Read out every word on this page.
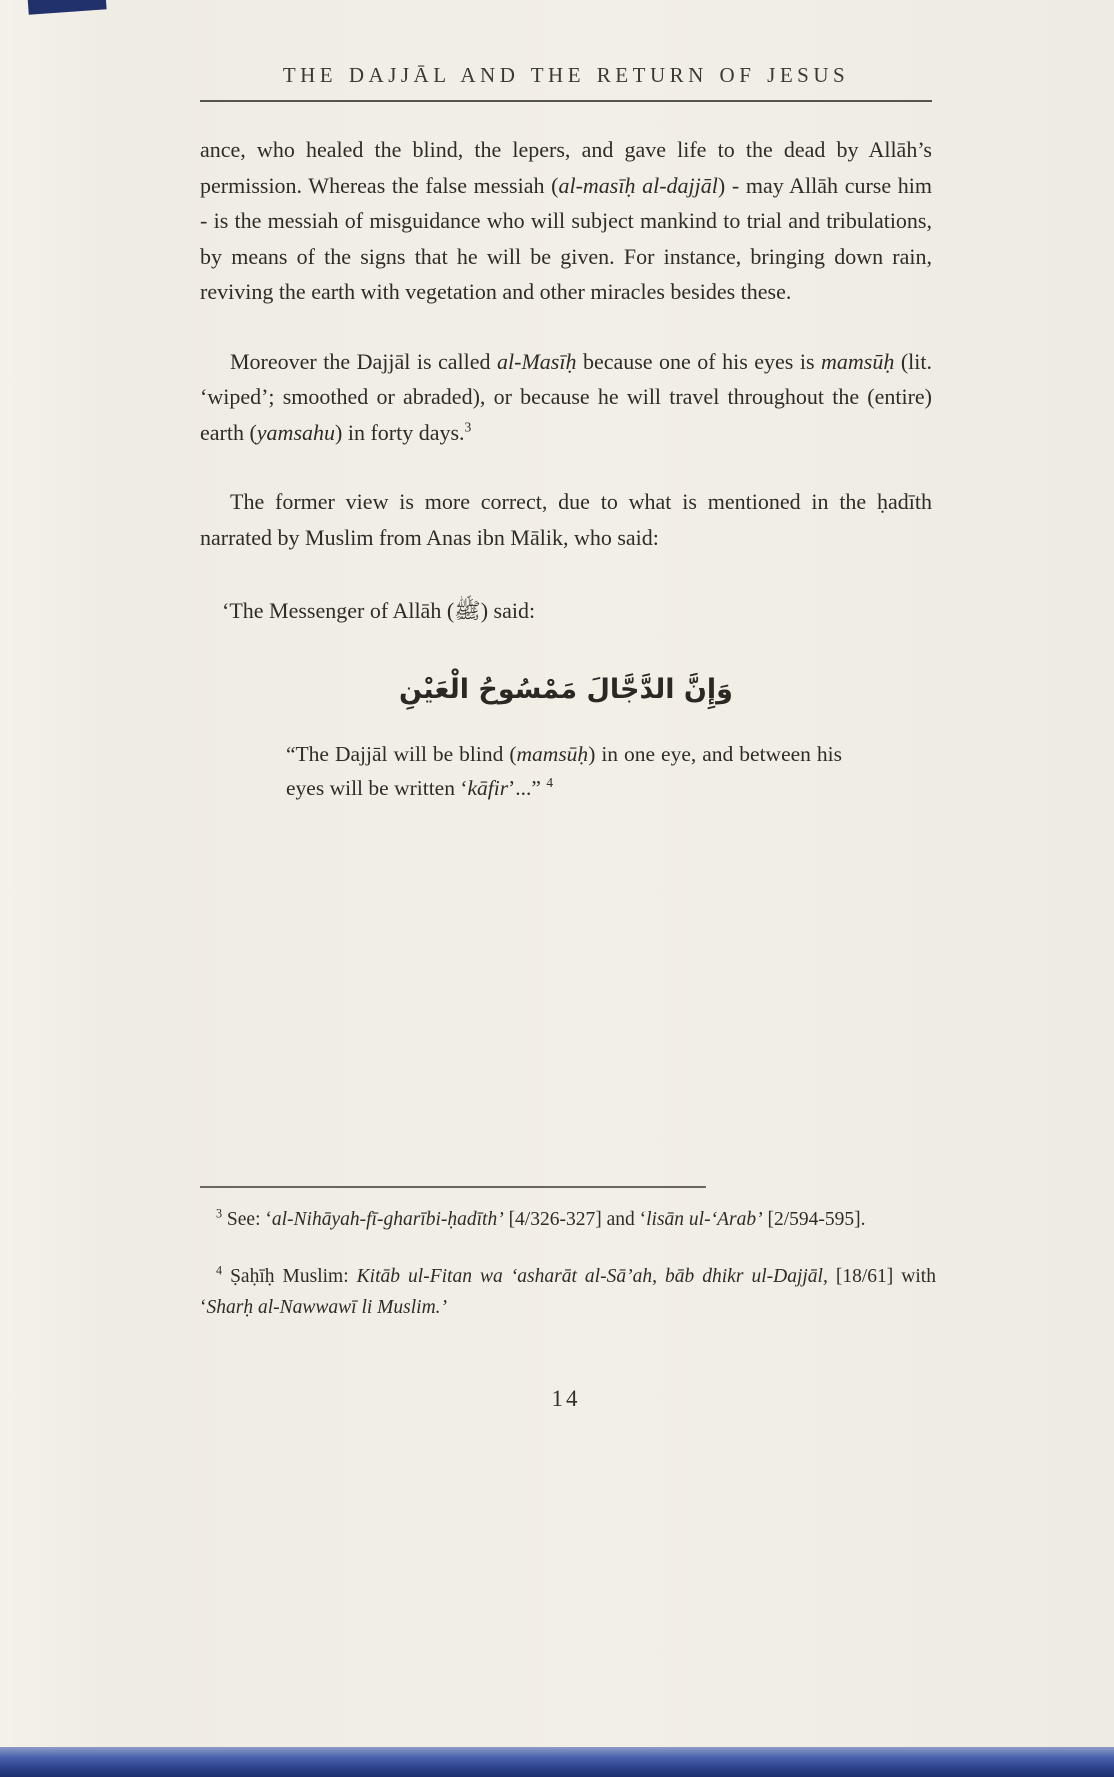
THE DAJJĀL AND THE RETURN OF JESUS

ance, who healed the blind, the lepers, and gave life to the dead by Allāh’s permission. Whereas the false messiah (al-masīḥ al-dajjāl) - may Allāh curse him - is the messiah of misguidance who will subject mankind to trial and tribulations, by means of the signs that he will be given. For instance, bringing down rain, reviving the earth with vegetation and other miracles besides these.

Moreover the Dajjāl is called al-Masīḥ because one of his eyes is mamsūḥ (lit. ‘wiped’; smoothed or abraded), or because he will travel throughout the (entire) earth (yamsahu) in forty days.$^3$

The former view is more correct, due to what is mentioned in the ḥadīth narrated by Muslim from Anas ibn Mālik, who said:

‘The Messenger of Allāh (ﷺ) said:

وَإِنَّ الدَّجَّالَ مَمْسُوحُ الْعَيْنِ
“The Dajjāl will be blind (mamsūḥ) in one eye, and between his eyes will be written ‘kāfir’...” $^4$

$^3$ See: ‘al-Nihāyah-fī-gharībi-ḥadīth’ [4/326-327] and ‘lisān ul-‘Arab’ [2/594-595].

$^4$ Ṣaḥīḥ Muslim: Kitāb ul-Fitan wa ‘asharāt al-Sā’ah, bāb dhikr ul-Dajjāl, [18/61] with ‘Sharḥ al-Nawwawī li Muslim.’

14
